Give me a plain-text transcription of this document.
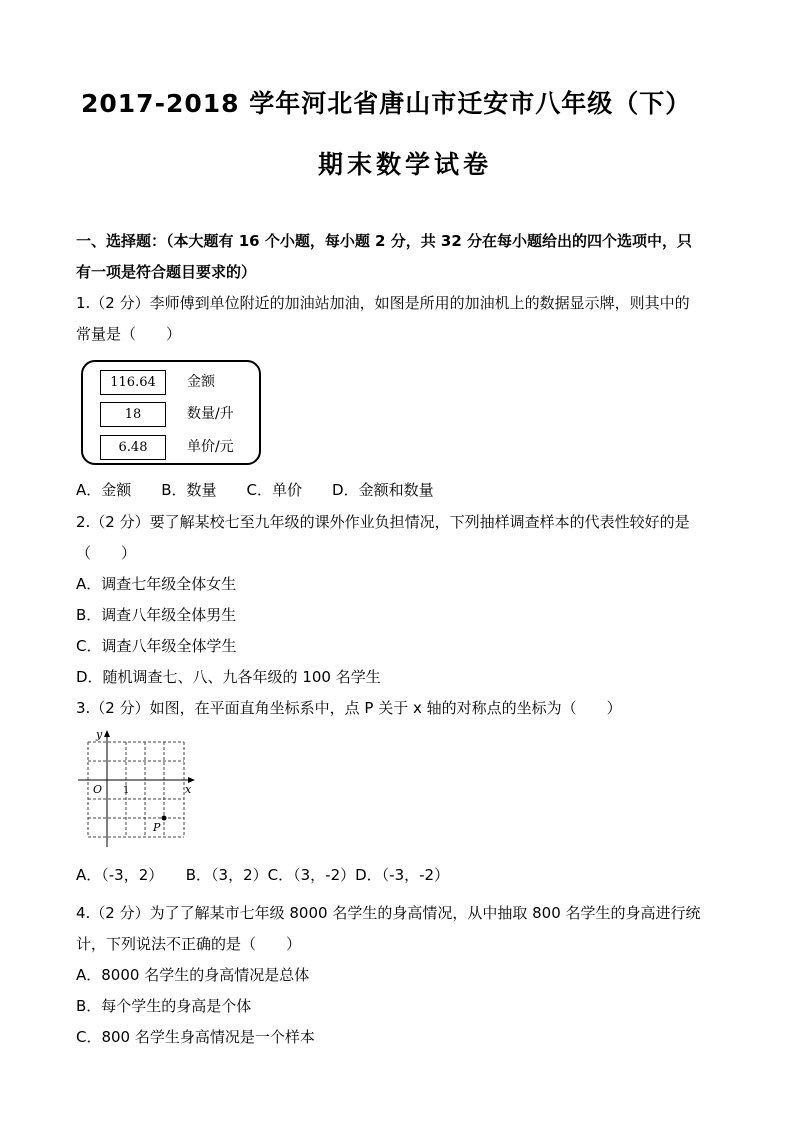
2017-2018 学年河北省唐山市迁安市八年级（下）
期末数学试卷
一、选择题：（本大题有 16 个小题，每小题 2 分，共 32 分在每小题给出的四个选项中，只
有一项是符合题目要求的）
1.（2 分）李师傅到单位附近的加油站加油，如图是所用的加油机上的数据显示牌，则其中的
常量是（　　）
116.64	金额
18	数量/升
6.48	单价/元
A．金额　　B．数量　　C．单价　　D．金额和数量
2.（2 分）要了解某校七至九年级的课外作业负担情况，下列抽样调查样本的代表性较好的是
（　　）
A．调查七年级全体女生
B．调查八年级全体男生
C．调查八年级全体学生
D．随机调查七、八、九各年级的 100 名学生
3.（2 分）如图，在平面直角坐标系中，点 P 关于 x 轴的对称点的坐标为（　　）
y
x
O 1
P
A．（-3，2）　　B．（3，2）C．（3，-2）D．（-3，-2）
4.（2 分）为了了解某市七年级 8000 名学生的身高情况，从中抽取 800 名学生的身高进行统
计，下列说法不正确的是（　　）
A．8000 名学生的身高情况是总体
B．每个学生的身高是个体
C．800 名学生身高情况是一个样本
